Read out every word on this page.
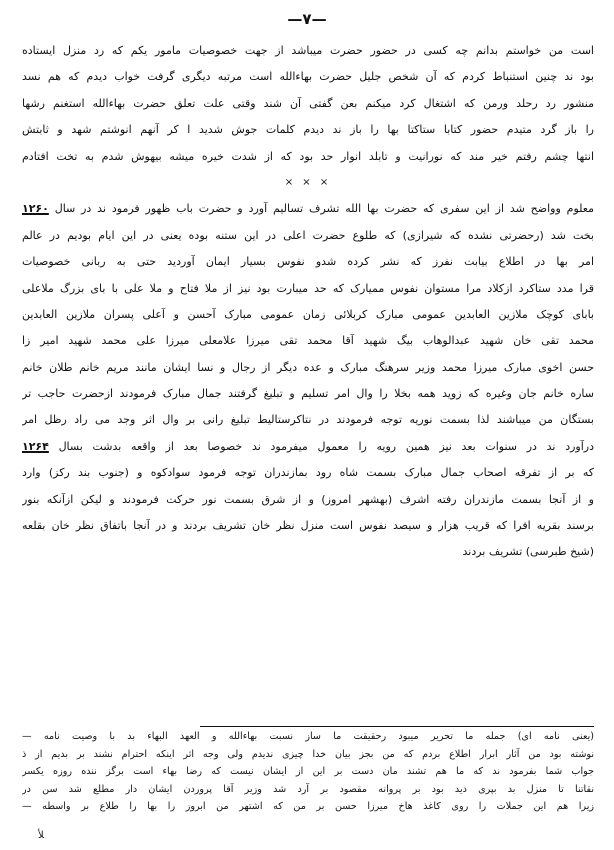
—٧—
است من خواستم بدانم چه کسی در حضور حضرت میباشد از جهت خصوصیات مامور یکم که رد منزل ایستاده
بود ند چنین استنباط کردم که آن شخص جلیل حضرت بهاءالله است مرتبه دیگری گرفت خواب دیدم که هم نسد
منشور رد رحلد ورمن که اشتغال کرد میکنم بعن گفتی آن شند وقتی علت تعلق حضرت بهاءالله استغنم رشها
را باز گرد متیدم حضور کتابا ستاکتا بها را باز ند دیدم کلمات جوش شدید ا کر آنهم انوشتم شهد و ثابتش
انتها چشم رفتم خیر مند که نورانیت و تابلد انوار حد بود که از شدت خیره میشه بیهوش شدم به تخت افتادم
× × ×
معلوم وواضح شد از این سفری که حضرت بها الله تشرف تسالیم آورد و حضرت باب ظهور فرمود ند در سال ١٢۶٠
بخت شد (رحضرتی نشده که شیرازی) که طلوع حضرت اعلی در این ستنه بوده یعنی در این ایام بودیم در عالم
امر بها در اطلاع بیابت نفرز که نشر کرده شدو نفوس بسیار ایمان آوردید حتی به ربانی خصوصیات
قرا مدد ستاکرد ازکلاد مرا مستوان نفوس ممیارک که حد میبارت بود نیز از ملا فتاح و ملا علی با بای بزرگ ملاعلی
بابای کوچک ملازین العابدین عمومی مبارک کربلائی زمان عمومی مبارک آحسن و آعلی پسران ملازین العابدین
محمد تقی خان شهید عبدالوهاب بیگ شهید آقا محمد تقی میرزا علامعلی میرزا علی محمد شهید امیر زا
حسن اخوی مبارک میرزا محمد وزیر سرهنگ مبارک و عده دیگر از رجال و نسا ایشان مانند مریم خانم طلان خانم
ساره خانم جان وغیره که زوید همه بخلا را وال امر تسلیم و تبلیغ گرفتند جمال مبارک فرمودند ازحضرت حاجب تر
بستگان من میباشند لذا بسمت نوریه توجه فرمودند در نتاکرستالیط تبلیغ رانی بر وال اثر وجد می راد رظل امر
درآورد ند در سنوات بعد نیز همین رویه را معمول میفرمود ند خصوصا بعد از واقعه بدشت بسال ١٢۶۴
که بر از تفرقه اصحاب جمال مبارک بسمت شاه رود بمازندران توجه فرمود سوادکوه و (جنوب بند رکز) وارد
و از آنجا بسمت مازندران رفته اشرف (بهشهر امروز) و از شرق بسمت نور حرکت فرمودند و لیکن ازآنکه بنور
برسند بقریه افرا که قریب هزار و سیصد نفوس است منزل نظر خان تشریف بردند و در آنجا باتفاق نظر خان بقلعه
(شیخ طبرسی) تشریف بردند
(یعنی نامه ای) جمله ما تحریر میبود رحقیقت ما ساز نسبت بهاءالله و العهد البهاء بد با وصیت نامه —
نوشته بود من آثار ابرار اطلاع بردم که من بجز بیان خدا چیزی ندیدم ولی وجه اثر اینکه احترام نشند بر بدیم از ذ
جواب شما بفرمود ند که ما هم تشند مان دست بر این از ایشان نیست که رضا بهاء است برگز ننده روزه یکسر
نقاتنا تا منزل بد بپری دید بود بر پروانه مقصود بر آرد شد وزیر آقا پروردن ایشان دار مطلع شد سن در
زیرا هم این جملات را روی کاغذ هاخ میرزا حسن بر من که اشتهر من ابروز را بها را طلاع بر واسطه —
ﻸ
